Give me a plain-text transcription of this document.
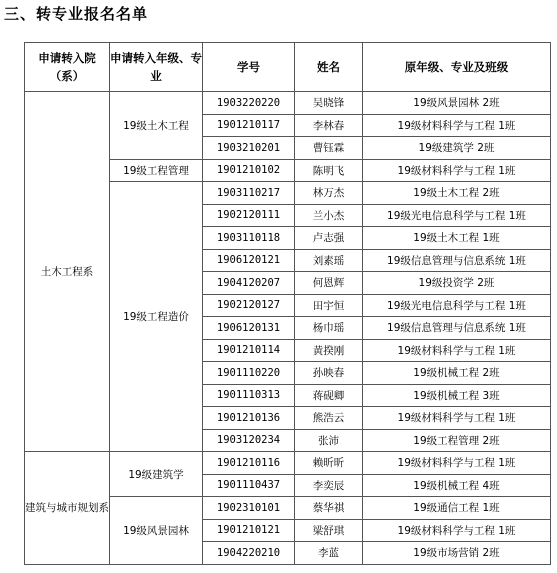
三、转专业报名名单
申请转入院（系）	申请转入年级、专业	学号	姓名	原年级、专业及班级
土木工程系	19级土木工程	1903220220	吴晓锋	19级风景园林 2班
		1901210117	李林春	19级材料科学与工程 1班
		1903210201	曹钰霖	19级建筑学 2班
	19级工程管理	1901210102	陈明飞	19级材料科学与工程 1班
	19级工程造价	1903110217	林万杰	19级土木工程 2班
		1902120111	兰小杰	19级光电信息科学与工程 1班
		1903110118	卢志强	19级土木工程 1班
		1906120121	刘素瑶	19级信息管理与信息系统 1班
		1904120207	何恩辉	19级投资学 2班
		1902120127	田宇恒	19级光电信息科学与工程 1班
		1906120131	杨巾瑶	19级信息管理与信息系统 1班
		1901210114	黄揆刚	19级材料科学与工程 1班
		1901110220	孙映春	19级机械工程 2班
		1901110313	蒋砚卿	19级机械工程 3班
		1901210136	熊浩云	19级材料科学与工程 1班
		1903120234	张沛	19级工程管理 2班
建筑与城市规划系	19级建筑学	1901210116	赖昕昕	19级材料科学与工程 1班
		1901110437	李奕辰	19级机械工程 4班
	19级风景园林	1902310101	蔡华祺	19级通信工程 1班
		1901210121	梁舒琪	19级材料科学与工程 1班
		1904220210	李蓝	19级市场营销 2班
